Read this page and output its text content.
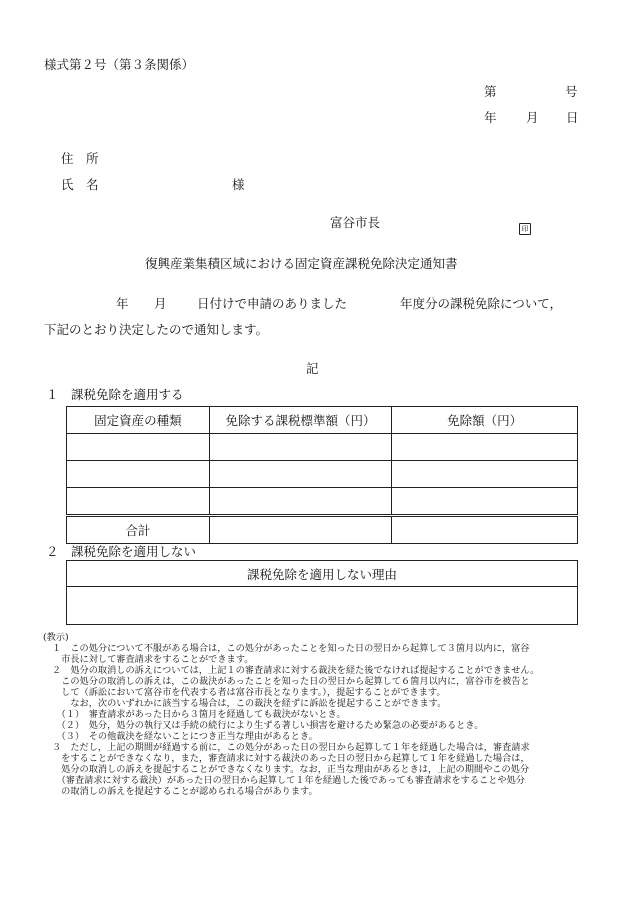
様式第２号（第３条関係）
第	号
年 月 日
住　所
氏　名	様
富谷市長	印
復興産業集積区域における固定資産課税免除決定通知書
年 月 日付けで申請のありました	年度分の課税免除について，
下記のとおり決定したので通知します。
記
１　課税免除を適用する
固定資産の種類	免除する課税標準額（円）	免除額（円）

合計		
２　課税免除を適用しない
課税免除を適用しない理由

(教示)
１　この処分について不服がある場合は，この処分があったことを知った日の翌日から起算して３箇月以内に，富谷
　市長に対して審査請求をすることができます。
２　処分の取消しの訴えについては，上記１の審査請求に対する裁決を経た後でなければ提起することができません。
　この処分の取消しの訴えは，この裁決があったことを知った日の翌日から起算して６箇月以内に，富谷市を被告と
　して（訴訟において富谷市を代表する者は富谷市長となります。），提起することができます。
　　なお，次のいずれかに該当する場合は，この裁決を経ずに訴訟を提起することができます。
　（１）　審査請求があった日から３箇月を経過しても裁決がないとき。
　（２）　処分，処分の執行又は手続の続行により生ずる著しい損害を避けるため緊急の必要があるとき。
　（３）　その他裁決を経ないことにつき正当な理由があるとき。
３　ただし，上記の期間が経過する前に，この処分があった日の翌日から起算して１年を経過した場合は，審査請求
　をすることができなくなり，また，審査請求に対する裁決のあった日の翌日から起算して１年を経過した場合は，
　処分の取消しの訴えを提起することができなくなります。なお，正当な理由があるときは，上記の期間やこの処分
　（審査請求に対する裁決）があった日の翌日から起算して１年を経過した後であっても審査請求をすることや処分
　の取消しの訴えを提起することが認められる場合があります。
